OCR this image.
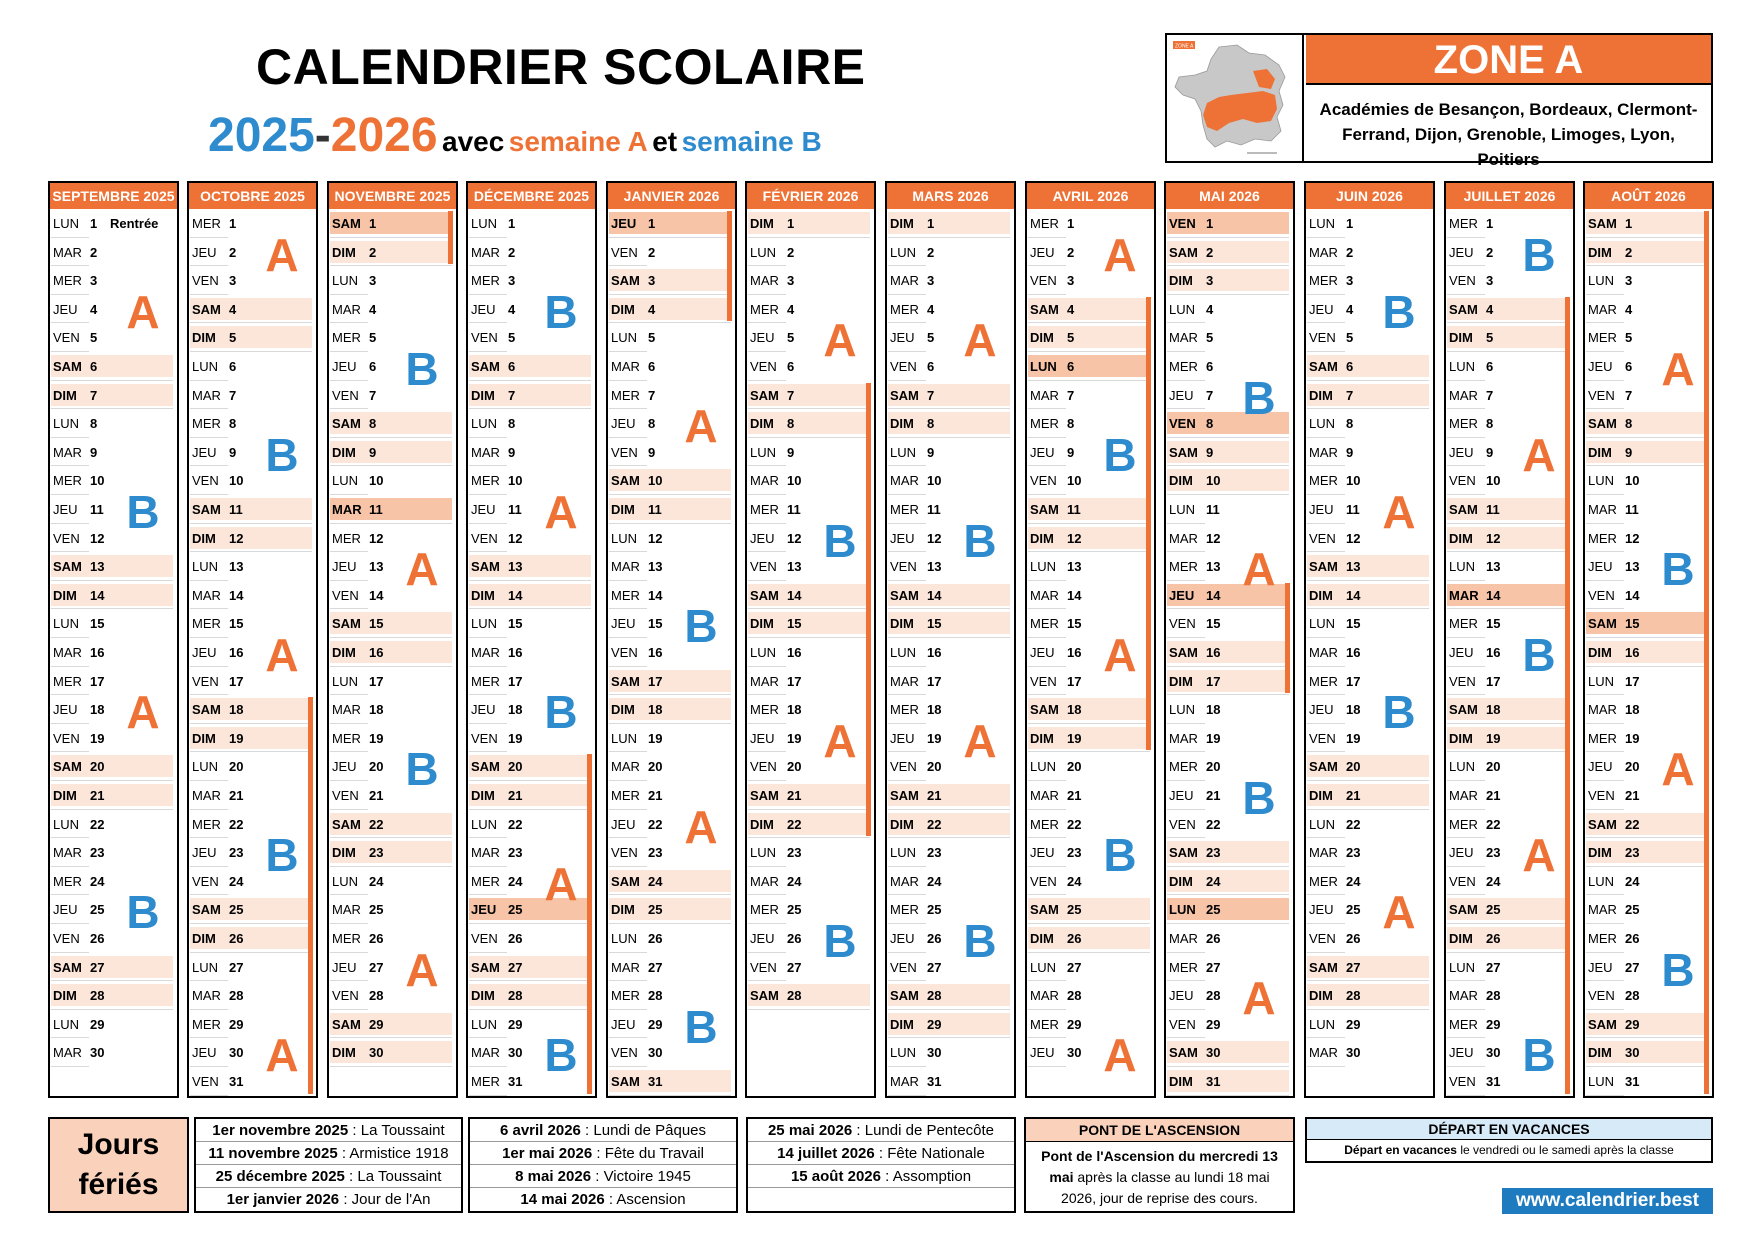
CALENDRIER SCOLAIRE
2025-2026 avec semaine A et semaine B
ZONE A	ZONE A
Académies de Besançon, Bordeaux, Clermont-Ferrand, Dijon, Grenoble, Limoges, Lyon, Poitiers
SEPTEMBRE 2025
LUN 1 Rentrée
MAR 2
MER 3
JEU 4
VEN 5
SAM 6
DIM 7
LUN 8
MAR 9
MER 10
JEU 11
VEN 12
SAM 13
DIM 14
LUN 15
MAR 16
MER 17
JEU 18
VEN 19
SAM 20
DIM 21
LUN 22
MAR 23
MER 24
JEU 25
VEN 26
SAM 27
DIM 28
LUN 29
MAR 30
A
B
A
B
OCTOBRE 2025
MER 1
JEU 2
VEN 3
SAM 4
DIM 5
LUN 6
MAR 7
MER 8
JEU 9
VEN 10
SAM 11
DIM 12
LUN 13
MAR 14
MER 15
JEU 16
VEN 17
SAM 18
DIM 19
LUN 20
MAR 21
MER 22
JEU 23
VEN 24
SAM 25
DIM 26
LUN 27
MAR 28
MER 29
JEU 30
VEN 31
A
B
A
B
A
NOVEMBRE 2025
SAM 1
DIM 2
LUN 3
MAR 4
MER 5
JEU 6
VEN 7
SAM 8
DIM 9
LUN 10
MAR 11
MER 12
JEU 13
VEN 14
SAM 15
DIM 16
LUN 17
MAR 18
MER 19
JEU 20
VEN 21
SAM 22
DIM 23
LUN 24
MAR 25
MER 26
JEU 27
VEN 28
SAM 29
DIM 30
B
A
B
A
DÉCEMBRE 2025
LUN 1
MAR 2
MER 3
JEU 4
VEN 5
SAM 6
DIM 7
LUN 8
MAR 9
MER 10
JEU 11
VEN 12
SAM 13
DIM 14
LUN 15
MAR 16
MER 17
JEU 18
VEN 19
SAM 20
DIM 21
LUN 22
MAR 23
MER 24
JEU 25
VEN 26
SAM 27
DIM 28
LUN 29
MAR 30
MER 31
B
A
B
A
B
JANVIER 2026
JEU 1
VEN 2
SAM 3
DIM 4
LUN 5
MAR 6
MER 7
JEU 8
VEN 9
SAM 10
DIM 11
LUN 12
MAR 13
MER 14
JEU 15
VEN 16
SAM 17
DIM 18
LUN 19
MAR 20
MER 21
JEU 22
VEN 23
SAM 24
DIM 25
LUN 26
MAR 27
MER 28
JEU 29
VEN 30
SAM 31
A
B
A
B
FÉVRIER 2026
DIM 1
LUN 2
MAR 3
MER 4
JEU 5
VEN 6
SAM 7
DIM 8
LUN 9
MAR 10
MER 11
JEU 12
VEN 13
SAM 14
DIM 15
LUN 16
MAR 17
MER 18
JEU 19
VEN 20
SAM 21
DIM 22
LUN 23
MAR 24
MER 25
JEU 26
VEN 27
SAM 28
A
B
A
B
MARS 2026
DIM 1
LUN 2
MAR 3
MER 4
JEU 5
VEN 6
SAM 7
DIM 8
LUN 9
MAR 10
MER 11
JEU 12
VEN 13
SAM 14
DIM 15
LUN 16
MAR 17
MER 18
JEU 19
VEN 20
SAM 21
DIM 22
LUN 23
MAR 24
MER 25
JEU 26
VEN 27
SAM 28
DIM 29
LUN 30
MAR 31
A
B
A
B
AVRIL 2026
MER 1
JEU 2
VEN 3
SAM 4
DIM 5
LUN 6
MAR 7
MER 8
JEU 9
VEN 10
SAM 11
DIM 12
LUN 13
MAR 14
MER 15
JEU 16
VEN 17
SAM 18
DIM 19
LUN 20
MAR 21
MER 22
JEU 23
VEN 24
SAM 25
DIM 26
LUN 27
MAR 28
MER 29
JEU 30
A
B
A
B
A
MAI 2026
VEN 1
SAM 2
DIM 3
LUN 4
MAR 5
MER 6
JEU 7
VEN 8
SAM 9
DIM 10
LUN 11
MAR 12
MER 13
JEU 14
VEN 15
SAM 16
DIM 17
LUN 18
MAR 19
MER 20
JEU 21
VEN 22
SAM 23
DIM 24
LUN 25
MAR 26
MER 27
JEU 28
VEN 29
SAM 30
DIM 31
B
A
B
A
JUIN 2026
LUN 1
MAR 2
MER 3
JEU 4
VEN 5
SAM 6
DIM 7
LUN 8
MAR 9
MER 10
JEU 11
VEN 12
SAM 13
DIM 14
LUN 15
MAR 16
MER 17
JEU 18
VEN 19
SAM 20
DIM 21
LUN 22
MAR 23
MER 24
JEU 25
VEN 26
SAM 27
DIM 28
LUN 29
MAR 30
B
A
B
A
JUILLET 2026
MER 1
JEU 2
VEN 3
SAM 4
DIM 5
LUN 6
MAR 7
MER 8
JEU 9
VEN 10
SAM 11
DIM 12
LUN 13
MAR 14
MER 15
JEU 16
VEN 17
SAM 18
DIM 19
LUN 20
MAR 21
MER 22
JEU 23
VEN 24
SAM 25
DIM 26
LUN 27
MAR 28
MER 29
JEU 30
VEN 31
B
A
B
A
B
AOÛT 2026
SAM 1
DIM 2
LUN 3
MAR 4
MER 5
JEU 6
VEN 7
SAM 8
DIM 9
LUN 10
MAR 11
MER 12
JEU 13
VEN 14
SAM 15
DIM 16
LUN 17
MAR 18
MER 19
JEU 20
VEN 21
SAM 22
DIM 23
LUN 24
MAR 25
MER 26
JEU 27
VEN 28
SAM 29
DIM 30
LUN 31
A
B
A
B
Jours
fériés
1er novembre 2025 : La Toussaint
11 novembre 2025 : Armistice 1918
25 décembre 2025 : La Toussaint
1er janvier 2026 : Jour de l'An
6 avril 2026 : Lundi de Pâques
1er mai 2026 : Fête du Travail
8 mai 2026 : Victoire 1945
14 mai 2026 : Ascension
25 mai 2026 : Lundi de Pentecôte
14 juillet 2026 : Fête Nationale
15 août 2026 : Assomption
PONT DE L'ASCENSION
Pont de l'Ascension du mercredi 13 mai après la classe au lundi 18 mai 2026, jour de reprise des cours.
DÉPART EN VACANCES
Départ en vacances le vendredi ou le samedi après la classe
www.calendrier.best
